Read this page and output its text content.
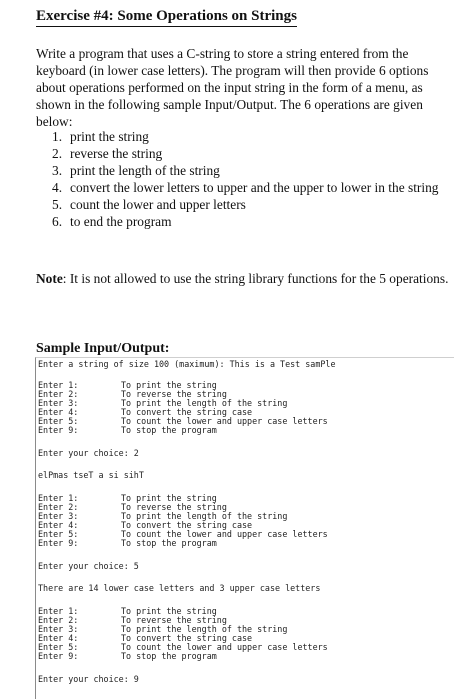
Exercise #4: Some Operations on Strings

Write a program that uses a C-string to store a string entered from the keyboard (in lower case letters). The program will then provide 6 options about operations performed on the input string in the form of a menu, as shown in the following sample Input/Output. The 6 operations are given below:

1. print the string
2. reverse the string
3. print the length of the string
4. convert the lower letters to upper and the upper to lower in the string
5. count the lower and upper letters
6. to end the program

Note: It is not allowed to use the string library functions for the 5 operations.

Sample Input/Output:
Enter a string of size 100 (maximum): This is a Test samPle
Enter 1:	To print the string
Enter 2:	To reverse the string
Enter 3:	To print the length of the string
Enter 4:	To convert the string case
Enter 5:	To count the lower and upper case letters
Enter 9:	To stop the program
Enter your choice: 2
elPmas tseT a si sihT
Enter 1:	To print the string
Enter 2:	To reverse the string
Enter 3:	To print the length of the string
Enter 4:	To convert the string case
Enter 5:	To count the lower and upper case letters
Enter 9:	To stop the program
Enter your choice: 5
There are 14 lower case letters and 3 upper case letters
Enter 1:	To print the string
Enter 2:	To reverse the string
Enter 3:	To print the length of the string
Enter 4:	To convert the string case
Enter 5:	To count the lower and upper case letters
Enter 9:	To stop the program
Enter your choice: 9
